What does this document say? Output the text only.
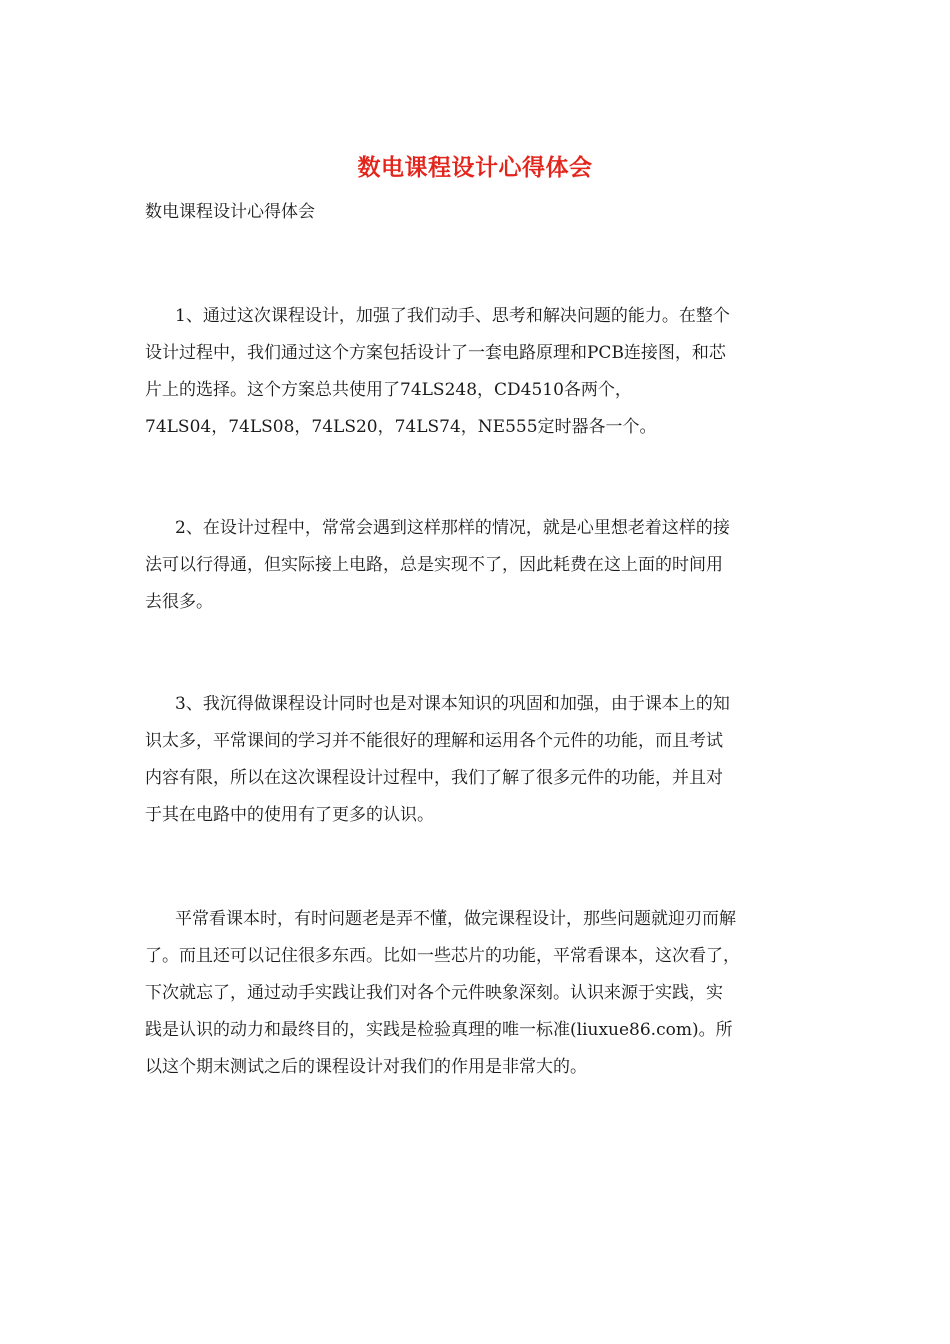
数电课程设计心得体会
数电课程设计心得体会
1、通过这次课程设计，加强了我们动手、思考和解决问题的能力。在整个
设计过程中，我们通过这个方案包括设计了一套电路原理和PCB连接图，和芯
片上的选择。这个方案总共使用了74LS248，CD4510各两个，
74LS04，74LS08，74LS20，74LS74，NE555定时器各一个。
2、在设计过程中，常常会遇到这样那样的情况，就是心里想老着这样的接
法可以行得通，但实际接上电路，总是实现不了，因此耗费在这上面的时间用
去很多。
3、我沉得做课程设计同时也是对课本知识的巩固和加强，由于课本上的知
识太多，平常课间的学习并不能很好的理解和运用各个元件的功能，而且考试
内容有限，所以在这次课程设计过程中，我们了解了很多元件的功能，并且对
于其在电路中的使用有了更多的认识。
平常看课本时，有时问题老是弄不懂，做完课程设计，那些问题就迎刃而解
了。而且还可以记住很多东西。比如一些芯片的功能，平常看课本，这次看了，
下次就忘了，通过动手实践让我们对各个元件映象深刻。认识来源于实践，实
践是认识的动力和最终目的，实践是检验真理的唯一标准(liuxue86.com)。所
以这个期末测试之后的课程设计对我们的作用是非常大的。
